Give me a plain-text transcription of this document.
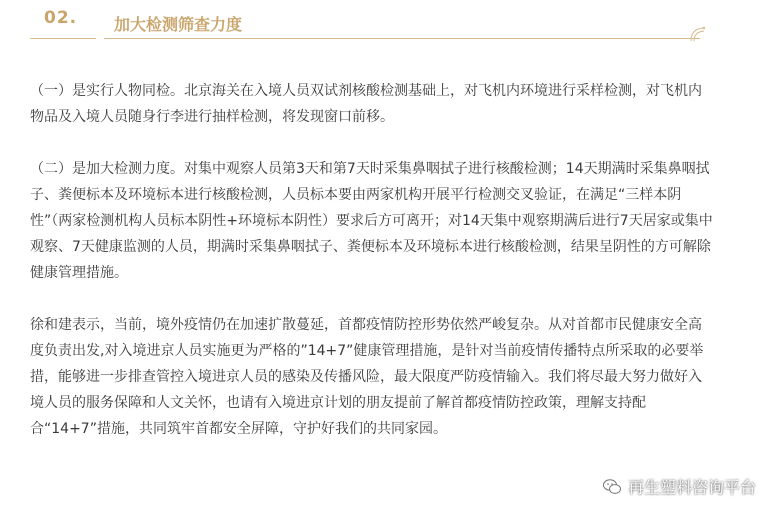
02. 加大检测筛查力度

（一）是实行人物同检。北京海关在入境人员双试剂核酸检测基础上，对飞机内环境进行采样检测，对飞机内物品及入境人员随身行李进行抽样检测，将发现窗口前移。

（二）是加大检测力度。对集中观察人员第3天和第7天时采集鼻咽拭子进行核酸检测；14天期满时采集鼻咽拭子、粪便标本及环境标本进行核酸检测，人员标本要由两家机构开展平行检测交叉验证，在满足“三样本阴性”（两家检测机构人员标本阴性+环境标本阴性）要求后方可离开；对14天集中观察期满后进行7天居家或集中观察、7天健康监测的人员，期满时采集鼻咽拭子、粪便标本及环境标本进行核酸检测，结果呈阴性的方可解除健康管理措施。

徐和建表示，当前，境外疫情仍在加速扩散蔓延，首都疫情防控形势依然严峻复杂。从对首都市民健康安全高度负责出发,对入境进京人员实施更为严格的”14+7”健康管理措施，是针对当前疫情传播特点所采取的必要举措，能够进一步排查管控入境进京人员的感染及传播风险，最大限度严防疫情输入。我们将尽最大努力做好入境人员的服务保障和人文关怀，也请有入境进京计划的朋友提前了解首都疫情防控政策，理解支持配合“14+7”措施，共同筑牢首都安全屏障，守护好我们的共同家园。

再生塑料咨询平台
